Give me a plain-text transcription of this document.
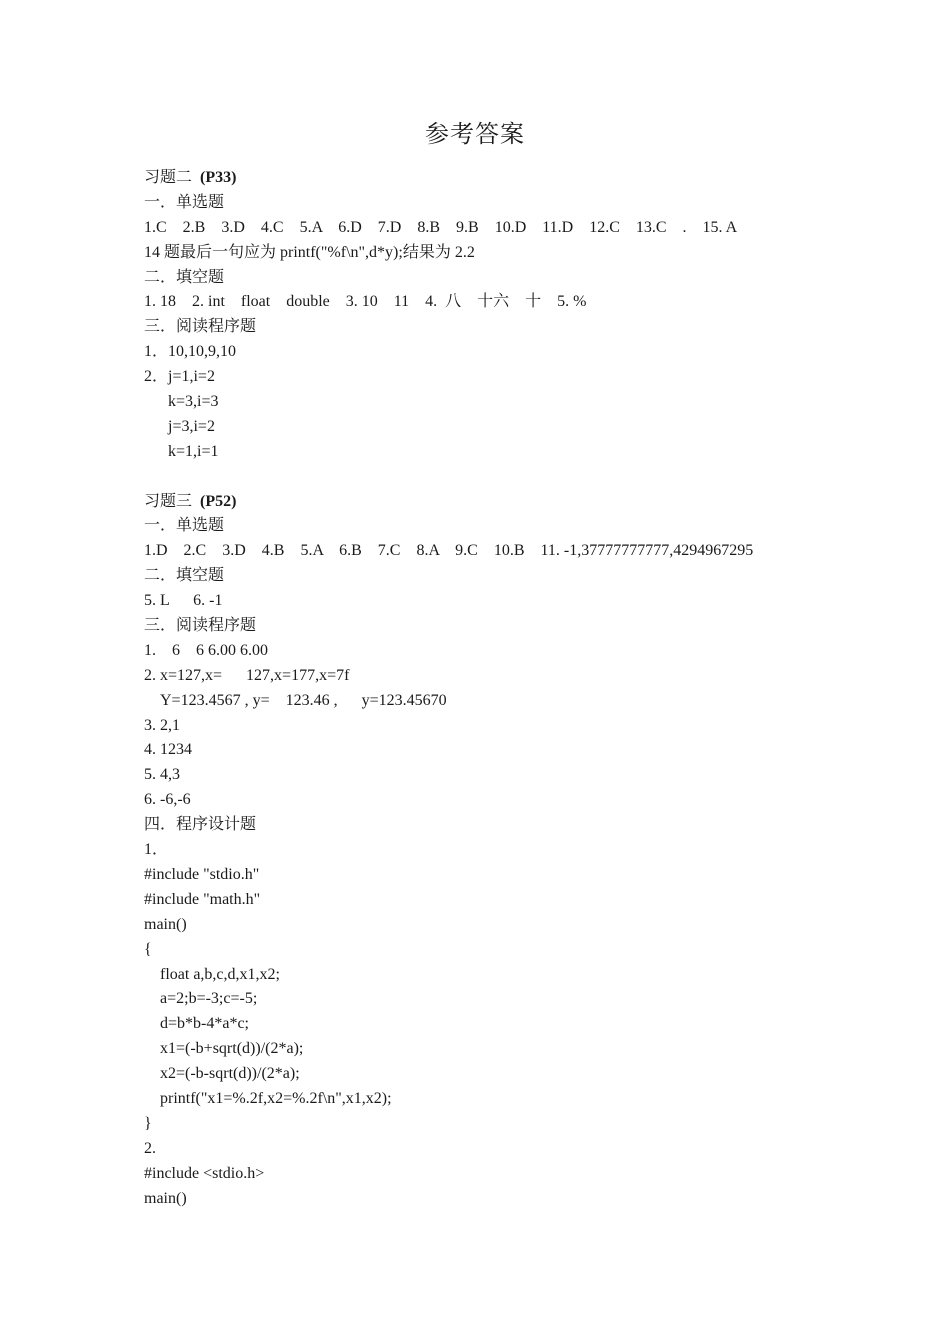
参考答案
习题二  (P33)
一．单选题
1.C    2.B    3.D    4.C    5.A    6.D    7.D    8.B    9.B    10.D    11.D    12.C    13.C    .    15. A
14 题最后一句应为 printf("%f\n",d*y);结果为 2.2
二．填空题
1. 18    2. int    float    double    3. 10    11    4.  八    十六    十    5. %
三．阅读程序题
1．10,10,9,10
2．j=1,i=2
k=3,i=3
j=3,i=2
k=1,i=1
习题三  (P52)
一．单选题
1.D    2.C    3.D    4.B    5.A    6.B    7.C    8.A    9.C    10.B    11. -1,37777777777,4294967295
二．填空题
5. L      6. -1
三．阅读程序题
1.    6    6 6.00 6.00
2. x=127,x=      127,x=177,x=7f
Y=123.4567 , y=    123.46 ,      y=123.45670
3. 2,1
4. 1234
5. 4,3
6. -6,-6
四．程序设计题
1．
#include "stdio.h"
#include "math.h"
main()
{
float a,b,c,d,x1,x2;
a=2;b=-3;c=-5;
d=b*b-4*a*c;
x1=(-b+sqrt(d))/(2*a);
x2=(-b-sqrt(d))/(2*a);
printf("x1=%.2f,x2=%.2f\n",x1,x2);
}
2.
#include <stdio.h>
main()
